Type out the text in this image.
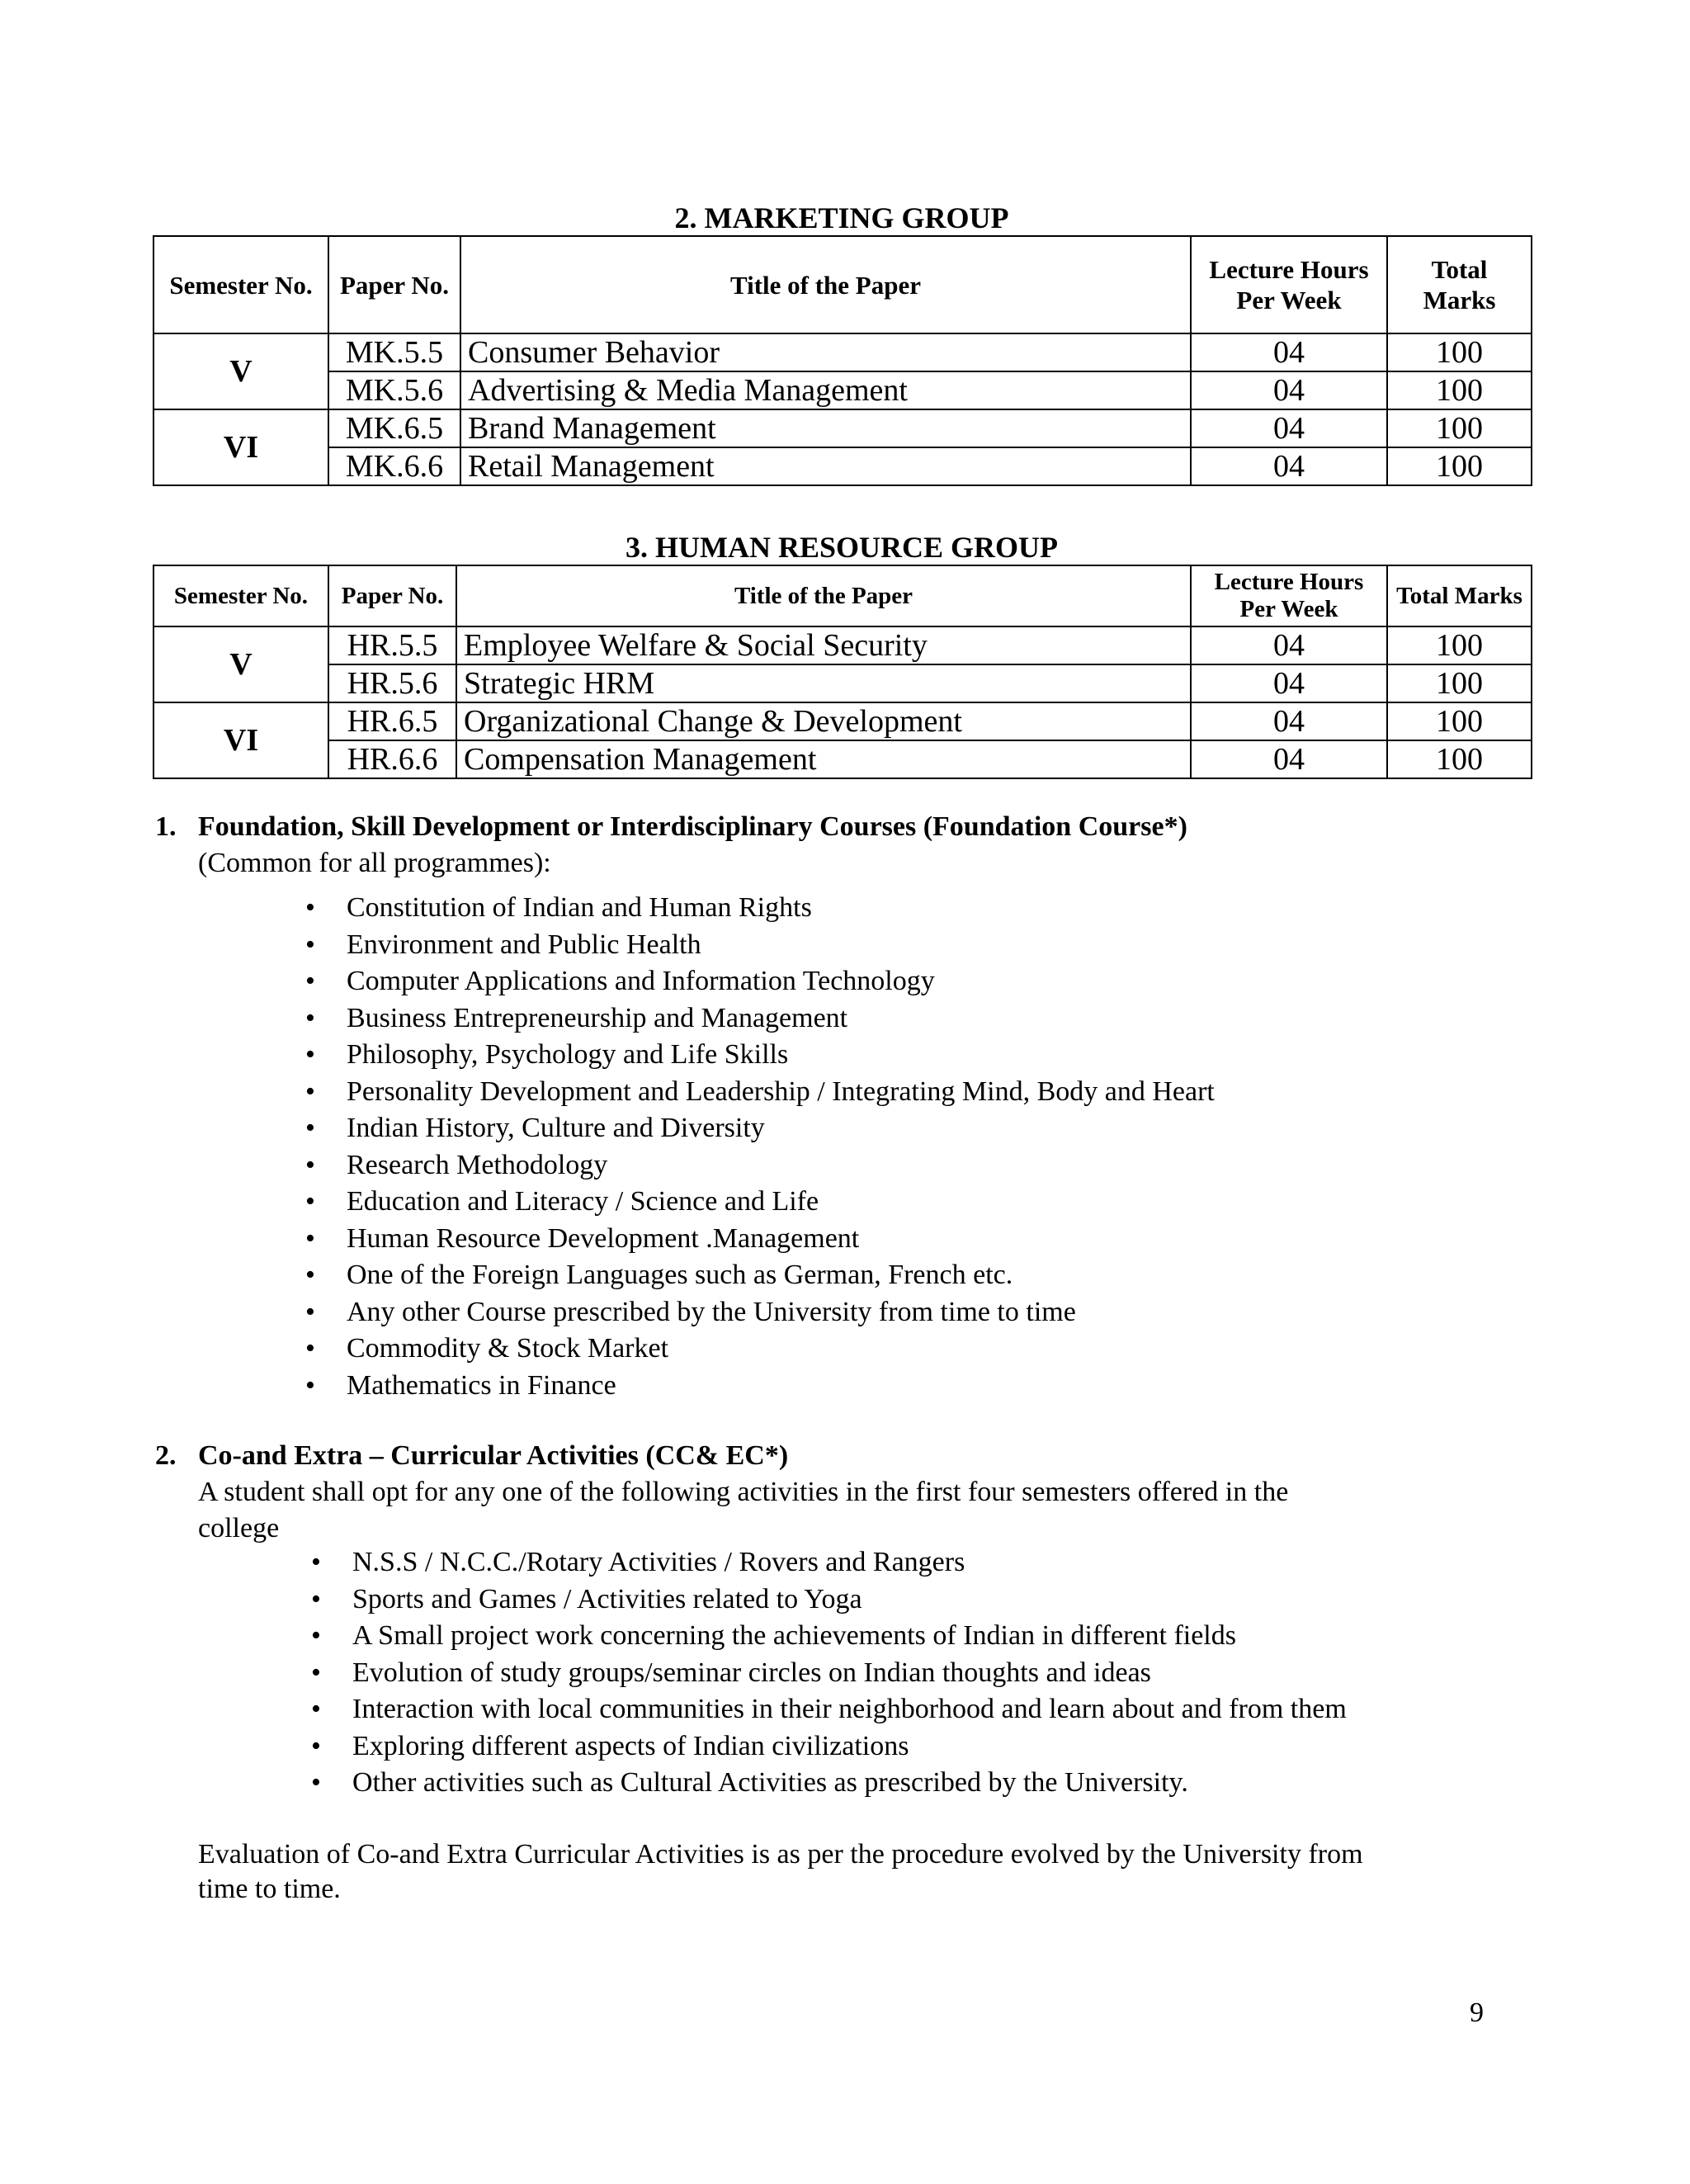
2. MARKETING GROUP
Semester No.	Paper No.	Title of the Paper	Lecture Hours Per Week	Total Marks
V	MK.5.5	Consumer Behavior	04	100
	MK.5.6	Advertising & Media Management	04	100
VI	MK.6.5	Brand Management	04	100
	MK.6.6	Retail Management	04	100
3. HUMAN RESOURCE GROUP
Semester No.	Paper No.	Title of the Paper	Lecture Hours Per Week	Total Marks
V	HR.5.5	Employee Welfare & Social Security	04	100
	HR.5.6	Strategic HRM	04	100
VI	HR.6.5	Organizational Change & Development	04	100
	HR.6.6	Compensation Management	04	100
1. Foundation, Skill Development or Interdisciplinary Courses (Foundation Course*)
(Common for all programmes):
• Constitution of Indian and Human Rights
• Environment and Public Health
• Computer Applications and Information Technology
• Business Entrepreneurship and Management
• Philosophy, Psychology and Life Skills
• Personality Development and Leadership / Integrating Mind, Body and Heart
• Indian History, Culture and Diversity
• Research Methodology
• Education and Literacy / Science and Life
• Human Resource Development .Management
• One of the Foreign Languages such as German, French etc.
• Any other Course prescribed by the University from time to time
• Commodity & Stock Market
• Mathematics in Finance
2. Co-and Extra – Curricular Activities (CC& EC*)
A student shall opt for any one of the following activities in the first four semesters offered in the
college
• N.S.S / N.C.C./Rotary Activities / Rovers and Rangers
• Sports and Games / Activities related to Yoga
• A Small project work concerning the achievements of Indian in different fields
• Evolution of study groups/seminar circles on Indian thoughts and ideas
• Interaction with local communities in their neighborhood and learn about and from them
• Exploring different aspects of Indian civilizations
• Other activities such as Cultural Activities as prescribed by the University.
Evaluation of Co-and Extra Curricular Activities is as per the procedure evolved by the University from
time to time.
9
